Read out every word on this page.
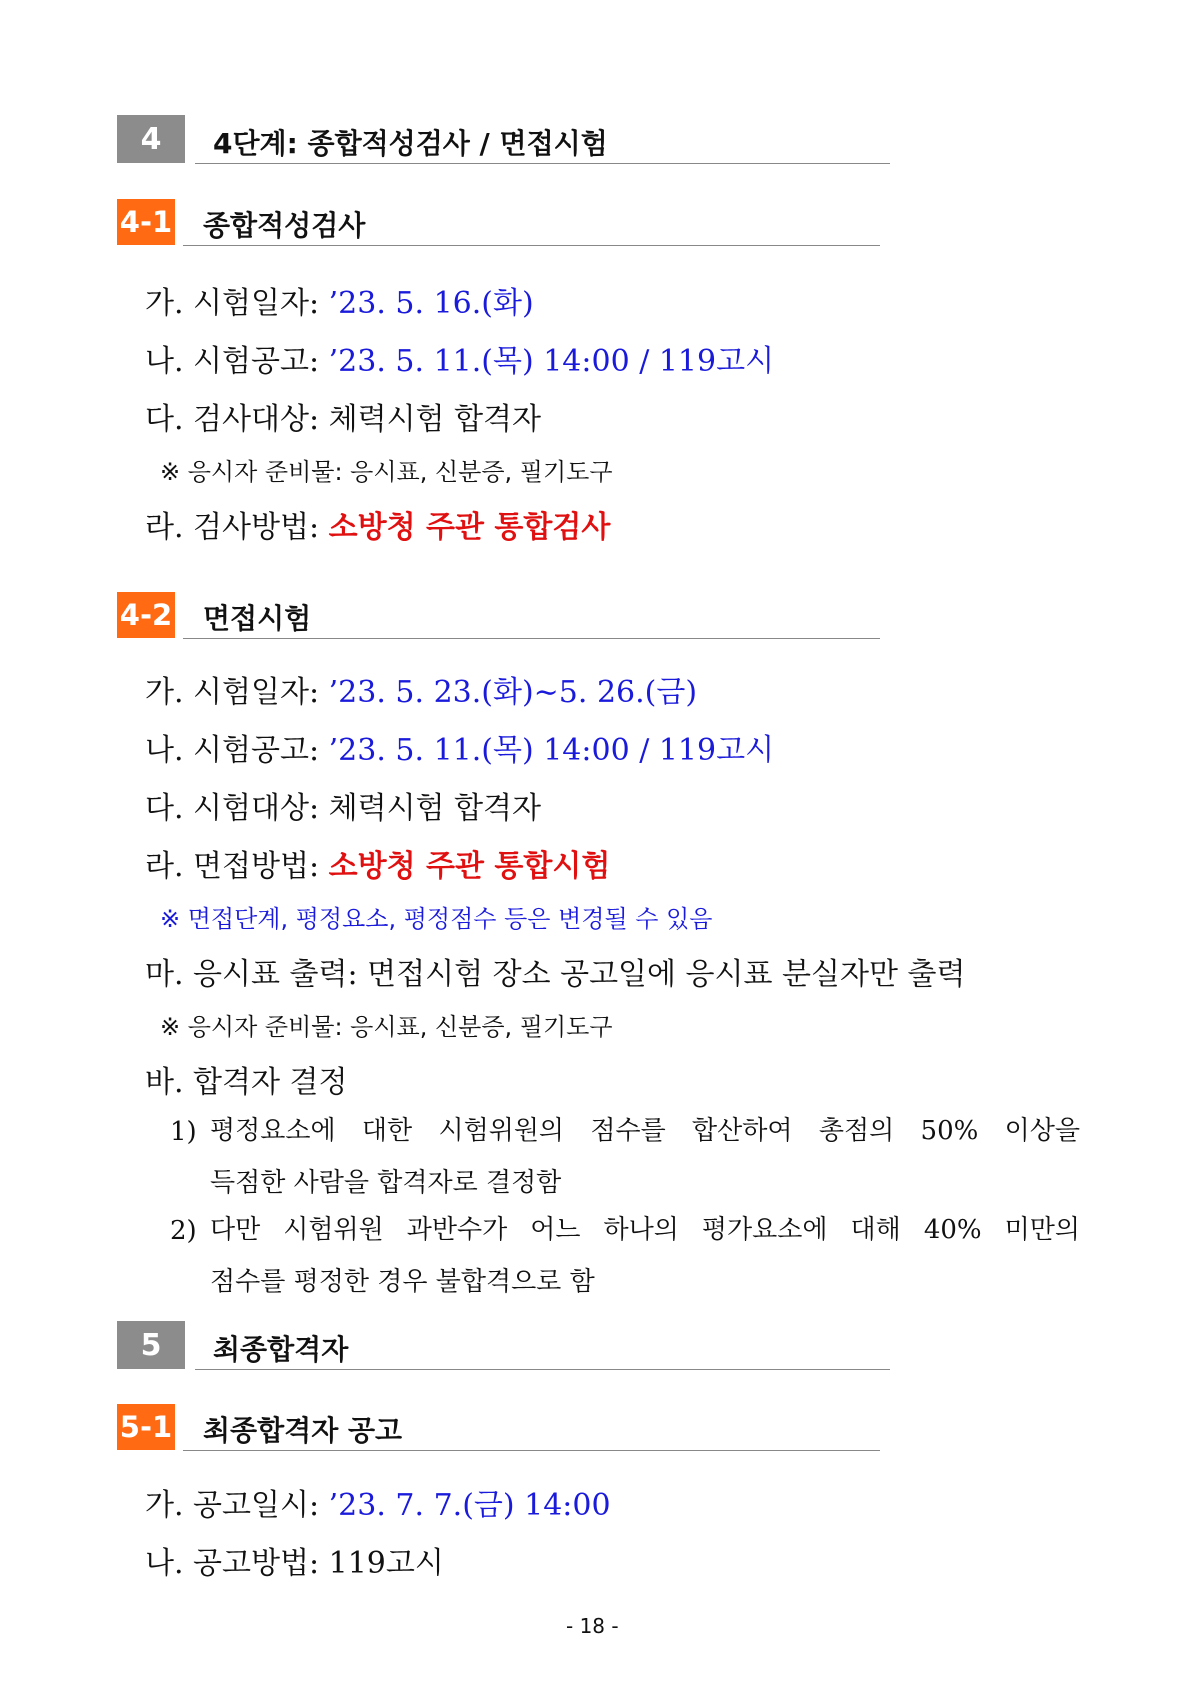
4 4단계: 종합적성검사 / 면접시험
4-1 종합적성검사
가. 시험일자: ’23. 5. 16.(화)
나. 시험공고: ’23. 5. 11.(목) 14:00 / 119고시
다. 검사대상: 체력시험 합격자
※ 응시자 준비물: 응시표, 신분증, 필기도구
라. 검사방법: 소방청 주관 통합검사
4-2 면접시험
가. 시험일자: ’23. 5. 23.(화)∼5. 26.(금)
나. 시험공고: ’23. 5. 11.(목) 14:00 / 119고시
다. 시험대상: 체력시험 합격자
라. 면접방법: 소방청 주관 통합시험
※ 면접단계, 평정요소, 평정점수 등은 변경될 수 있음
마. 응시표 출력: 면접시험 장소 공고일에 응시표 분실자만 출력
※ 응시자 준비물: 응시표, 신분증, 필기도구
바. 합격자 결정
1) 평정요소에 대한 시험위원의 점수를 합산하여 총점의 50% 이상을
득점한 사람을 합격자로 결정함
2) 다만 시험위원 과반수가 어느 하나의 평가요소에 대해 40% 미만의
점수를 평정한 경우 불합격으로 함
5 최종합격자
5-1 최종합격자 공고
가. 공고일시: ’23. 7. 7.(금) 14:00
나. 공고방법: 119고시
- 18 -
